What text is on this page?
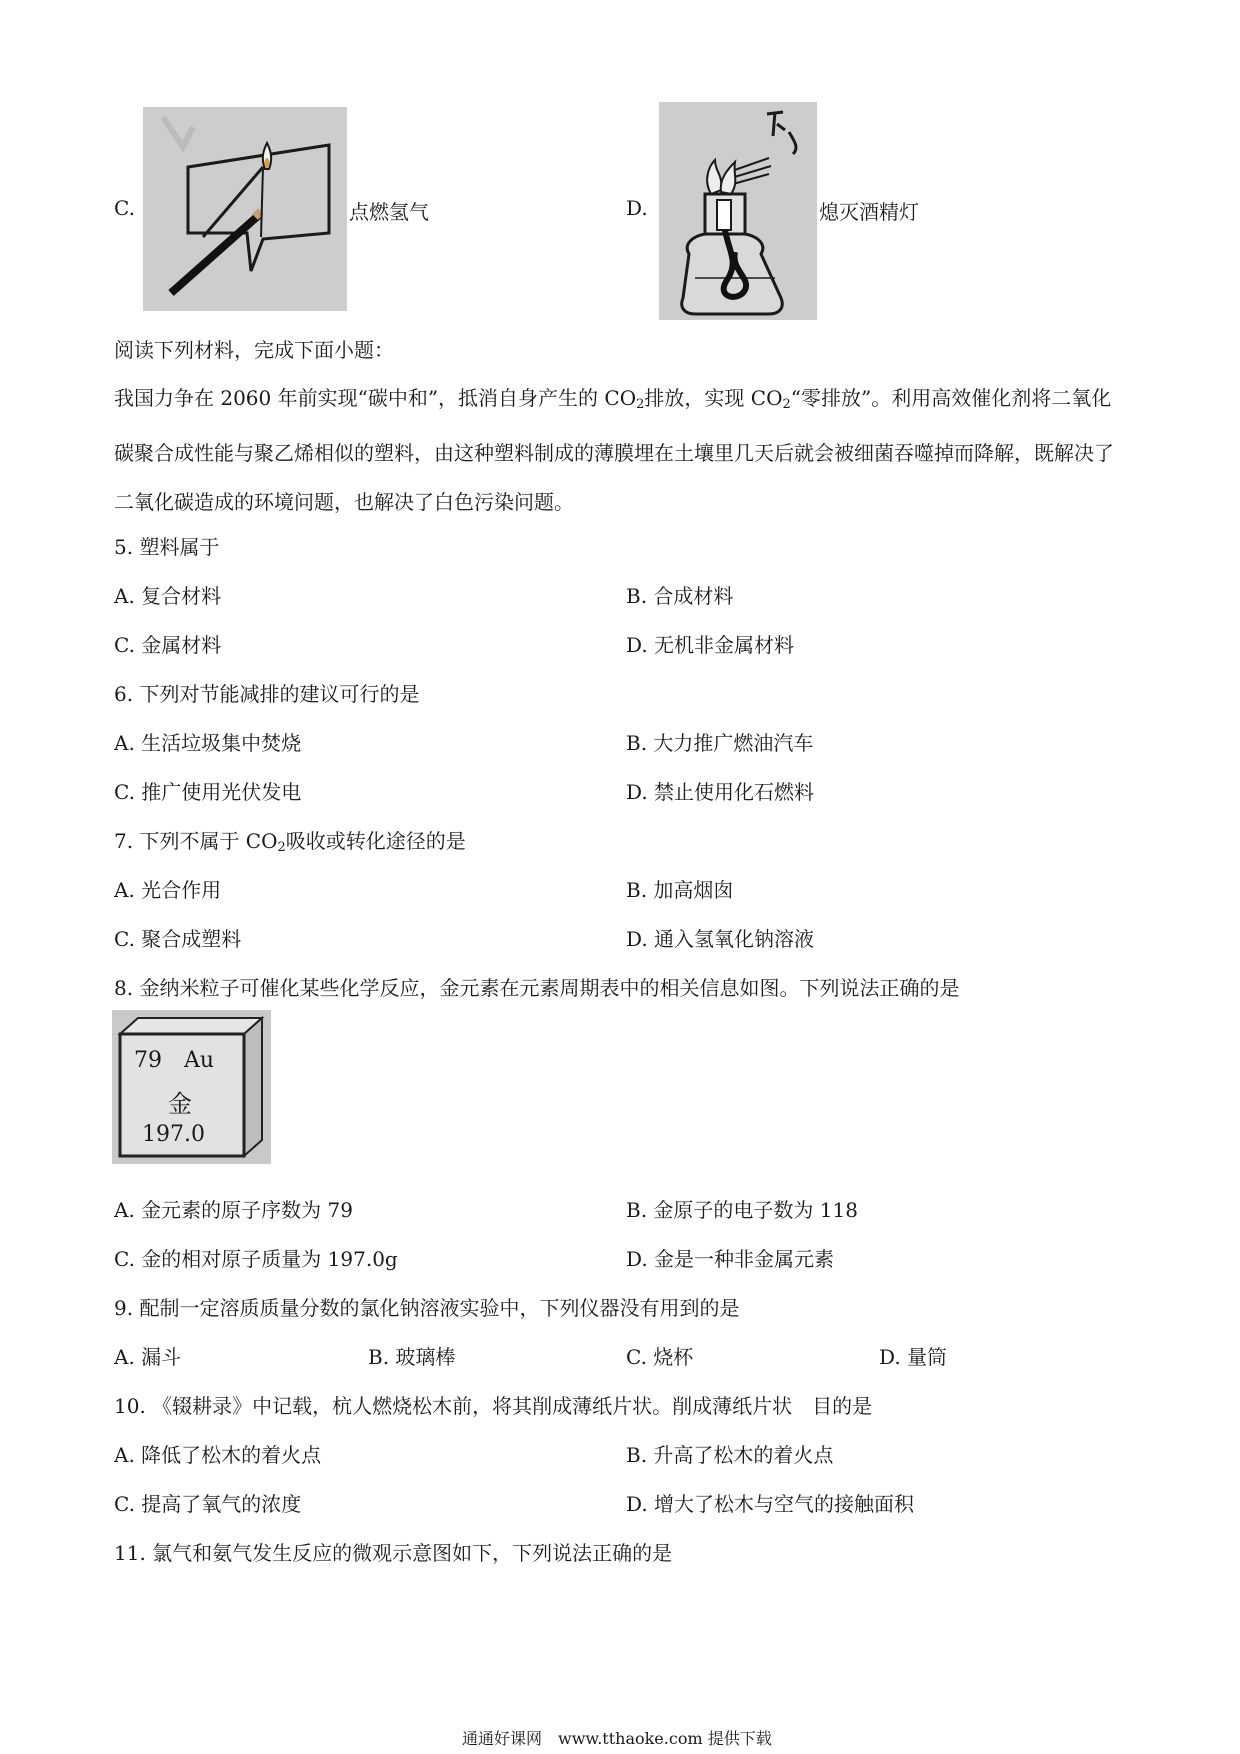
C.	点燃氢气	D.	熄灭酒精灯
阅读下列材料，完成下面小题：
我国力争在 2060 年前实现“碳中和”，抵消自身产生的 $CO_2$排放，实现 $CO_2“$零排放”。利用高效催化剂将二氧化碳聚合成性能与聚乙烯相似的塑料，由这种塑料制成的薄膜埋在土壤里几天后就会被细菌吞噬掉而降解，既解决了二氧化碳造成的环境问题，也解决了白色污染问题。
5. 塑料属于
A. 复合材料	B. 合成材料
C. 金属材料	D. 无机非金属材料
6. 下列对节能减排的建议可行的是
A. 生活垃圾集中焚烧	B. 大力推广燃油汽车
C. 推广使用光伏发电	D. 禁止使用化石燃料
7. 下列不属于 $CO_2$吸收或转化途径的是
A. 光合作用	B. 加高烟囱
C. 聚合成塑料	D. 通入氢氧化钠溶液
8. 金纳米粒子可催化某些化学反应，金元素在元素周期表中的相关信息如图。下列说法正确的是
79 Au
金
197.0
A. 金元素的原子序数为 79	B. 金原子的电子数为 118
C. 金的相对原子质量为 197.0g	D. 金是一种非金属元素
9. 配制一定溶质质量分数的氯化钠溶液实验中，下列仪器没有用到的是
A. 漏斗	B. 玻璃棒	C. 烧杯	D. 量筒
10. 《辍耕录》中记载，杭人燃烧松木前，将其削成薄纸片状。削成薄纸片状　目的是
A. 降低了松木的着火点	B. 升高了松木的着火点
C. 提高了氧气的浓度	D. 增大了松木与空气的接触面积
11. 氯气和氨气发生反应的微观示意图如下，下列说法正确的是
通通好课网　www.tthaoke.com 提供下载
